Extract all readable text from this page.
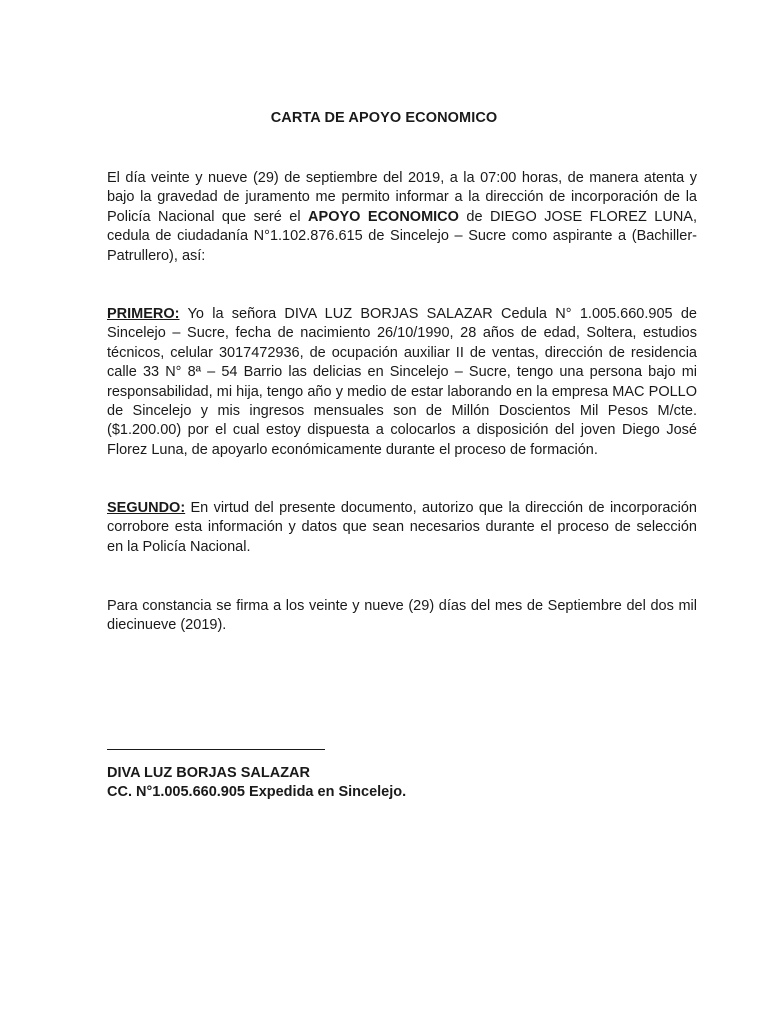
CARTA DE APOYO ECONOMICO
El día veinte y nueve (29) de septiembre del 2019, a la 07:00 horas, de manera atenta y bajo la gravedad de juramento me permito informar a la dirección de incorporación de la Policía Nacional que seré el APOYO ECONOMICO de DIEGO JOSE FLOREZ LUNA, cedula de ciudadanía N°1.102.876.615 de Sincelejo – Sucre como aspirante a (Bachiller-Patrullero), así:
PRIMERO: Yo la señora DIVA LUZ BORJAS SALAZAR Cedula N° 1.005.660.905 de Sincelejo – Sucre, fecha de nacimiento 26/10/1990, 28 años de edad, Soltera, estudios técnicos, celular 3017472936, de ocupación auxiliar II de ventas, dirección de residencia calle 33 N° 8ª – 54 Barrio las delicias en Sincelejo – Sucre, tengo una persona bajo mi responsabilidad, mi hija, tengo año y medio de estar laborando en la empresa MAC POLLO de Sincelejo y mis ingresos mensuales son de Millón Doscientos Mil Pesos M/cte. ($1.200.00) por el cual estoy dispuesta a colocarlos a disposición del joven Diego José Florez Luna, de apoyarlo económicamente durante el proceso de formación.
SEGUNDO: En virtud del presente documento, autorizo que la dirección de incorporación corrobore esta información y datos que sean necesarios durante el proceso de selección en la Policía Nacional.
Para constancia se firma a los veinte y nueve (29) días del mes de Septiembre del dos mil diecinueve (2019).
DIVA LUZ BORJAS SALAZAR
CC. N°1.005.660.905 Expedida en Sincelejo.
